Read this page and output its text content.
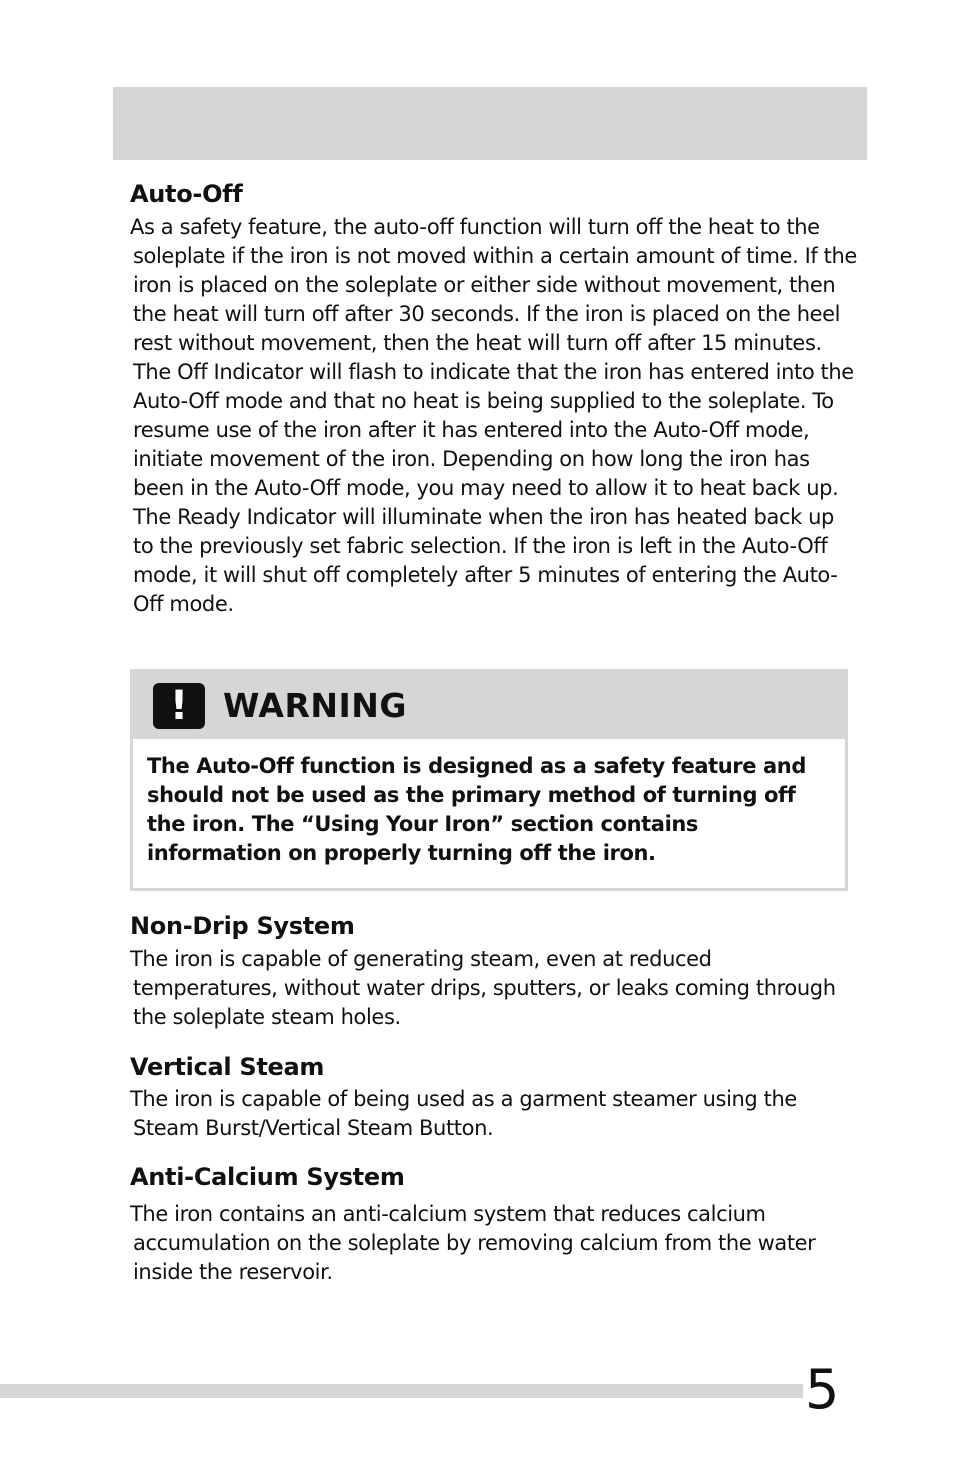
Auto-Off

As a safety feature, the auto-off function will turn off the heat to the soleplate if the iron is not moved within a certain amount of time. If the iron is placed on the soleplate or either side without movement, then the heat will turn off after 30 seconds. If the iron is placed on the heel rest without movement, then the heat will turn off after 15 minutes. The Off Indicator will flash to indicate that the iron has entered into the Auto-Off mode and that no heat is being supplied to the soleplate. To resume use of the iron after it has entered into the Auto-Off mode, initiate movement of the iron. Depending on how long the iron has been in the Auto-Off mode, you may need to allow it to heat back up. The Ready Indicator will illuminate when the iron has heated back up to the previously set fabric selection. If the iron is left in the Auto-Off mode, it will shut off completely after 5 minutes of entering the Auto-Off mode.

!	WARNING
The Auto-Off function is designed as a safety feature and should not be used as the primary method of turning off the iron. The “Using Your Iron” section contains information on properly turning off the iron.
Non-Drip System

The iron is capable of generating steam, even at reduced temperatures, without water drips, sputters, or leaks coming through the soleplate steam holes.

Vertical Steam

The iron is capable of being used as a garment steamer using the Steam Burst/Vertical Steam Button.

Anti-Calcium System

The iron contains an anti-calcium system that reduces calcium accumulation on the soleplate by removing calcium from the water inside the reservoir.

5
